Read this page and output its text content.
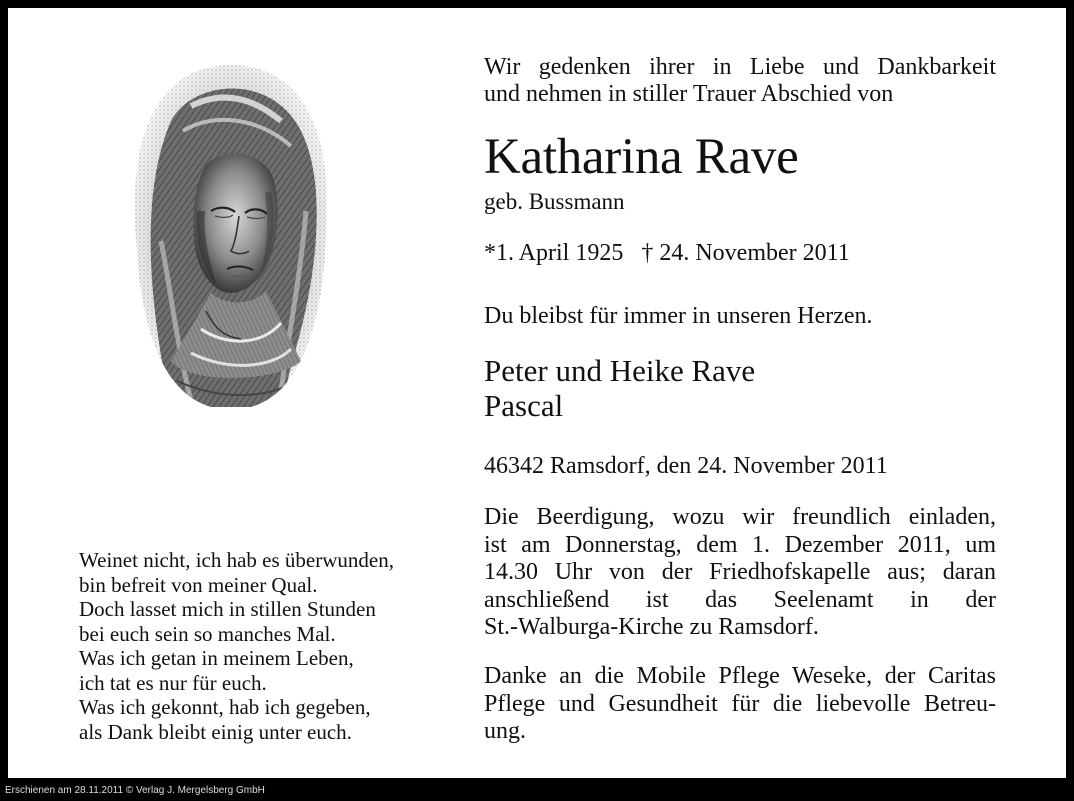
Weinet nicht, ich hab es überwunden,
bin befreit von meiner Qual.
Doch lasset mich in stillen Stunden
bei euch sein so manches Mal.
Was ich getan in meinem Leben,
ich tat es nur für euch.
Was ich gekonnt, hab ich gegeben,
als Dank bleibt einig unter euch.
Wir gedenken ihrer in Liebe und Dankbarkeit
und nehmen in stiller Trauer Abschied von
Katharina Rave
geb. Bussmann
*1. April 1925 † 24. November 2011
Du bleibst für immer in unseren Herzen.
Peter und Heike Rave
Pascal
46342 Ramsdorf, den 24. November 2011
Die Beerdigung, wozu wir freundlich einladen,
ist am Donnerstag, dem 1. Dezember 2011, um
14.30 Uhr von der Friedhofskapelle aus; daran
anschließend ist das Seelenamt in der
St.-Walburga-Kirche zu Ramsdorf.
Danke an die Mobile Pflege Weseke, der Caritas
Pflege und Gesundheit für die liebevolle Betreu-
ung.
Erschienen am 28.11.2011 © Verlag J. Mergelsberg GmbH
